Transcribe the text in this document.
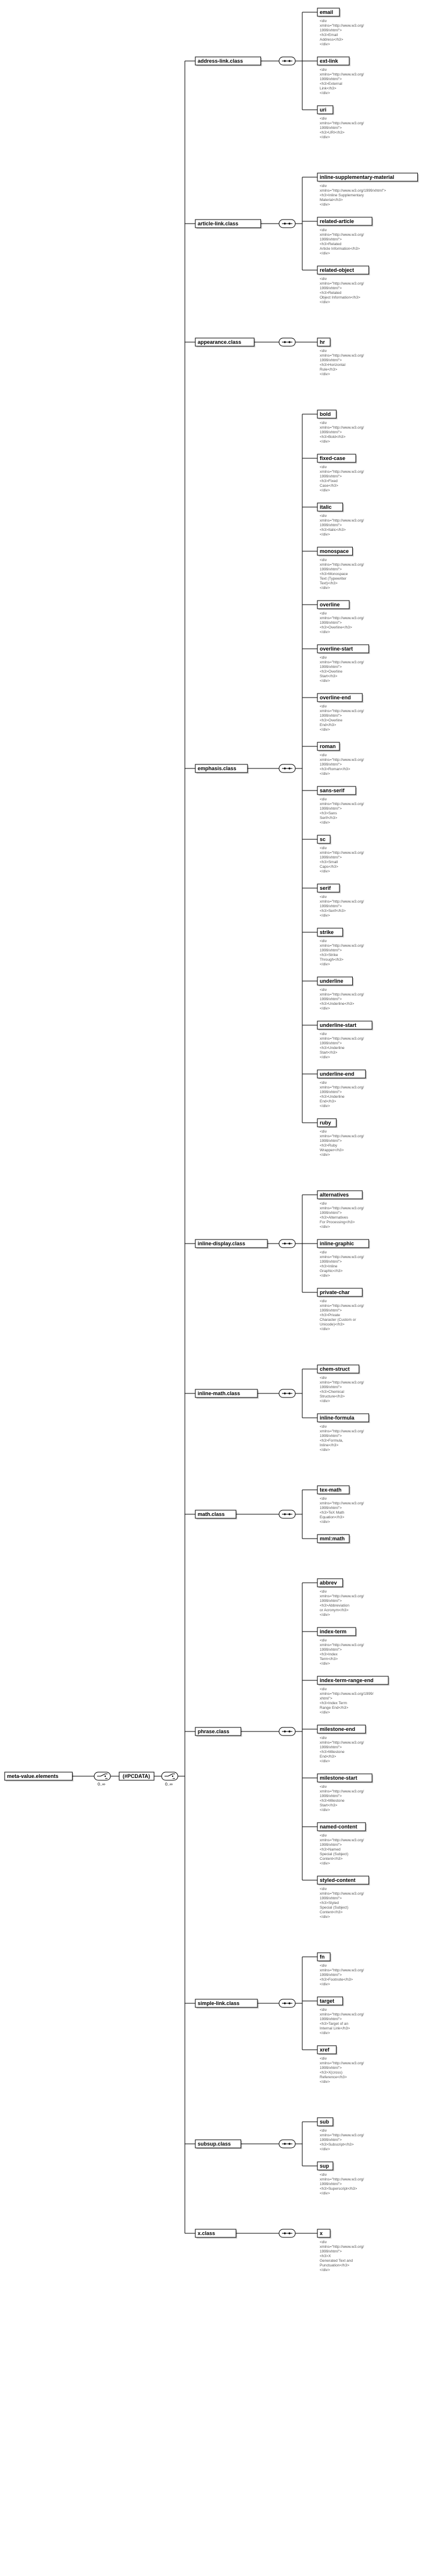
email
<div
xmlns="http://www.w3.org/
1999/xhtml">
<h3>Email
Address</h3>
</div>
ext-link
<div
xmlns="http://www.w3.org/
1999/xhtml">
<h3>External
Link</h3>
</div>
uri
<div
xmlns="http://www.w3.org/
1999/xhtml">
<h3>URI</h3>
</div>
address-link.class
inline-supplementary-material
<div
xmlns="http://www.w3.org/1999/xhtml">
<h3>Inline Supplementary
Material</h3>
</div>
related-article
<div
xmlns="http://www.w3.org/
1999/xhtml">
<h3>Related
Article Information</h3>
</div>
related-object
<div
xmlns="http://www.w3.org/
1999/xhtml">
<h3>Related
Object Information</h3>
</div>
article-link.class
hr
<div
xmlns="http://www.w3.org/
1999/xhtml">
<h3>Horizontal
Rule</h3>
</div>
appearance.class
bold
<div
xmlns="http://www.w3.org/
1999/xhtml">
<h3>Bold</h3>
</div>
fixed-case
<div
xmlns="http://www.w3.org/
1999/xhtml">
<h3>Fixed
Case</h3>
</div>
italic
<div
xmlns="http://www.w3.org/
1999/xhtml">
<h3>Italic</h3>
</div>
monospace
<div
xmlns="http://www.w3.org/
1999/xhtml">
<h3>Monospace
Text (Typewriter
Text)</h3>
</div>
overline
<div
xmlns="http://www.w3.org/
1999/xhtml">
<h3>Overline</h3>
</div>
overline-start
<div
xmlns="http://www.w3.org/
1999/xhtml">
<h3>Overline
Start</h3>
</div>
overline-end
<div
xmlns="http://www.w3.org/
1999/xhtml">
<h3>Overline
End</h3>
</div>
roman
<div
xmlns="http://www.w3.org/
1999/xhtml">
<h3>Roman</h3>
</div>
sans-serif
<div
xmlns="http://www.w3.org/
1999/xhtml">
<h3>Sans
Serif</h3>
</div>
sc
<div
xmlns="http://www.w3.org/
1999/xhtml">
<h3>Small
Caps</h3>
</div>
serif
<div
xmlns="http://www.w3.org/
1999/xhtml">
<h3>Serif</h3>
</div>
strike
<div
xmlns="http://www.w3.org/
1999/xhtml">
<h3>Strike
Through</h3>
</div>
underline
<div
xmlns="http://www.w3.org/
1999/xhtml">
<h3>Underline</h3>
</div>
underline-start
<div
xmlns="http://www.w3.org/
1999/xhtml">
<h3>Underline
Start</h3>
</div>
underline-end
<div
xmlns="http://www.w3.org/
1999/xhtml">
<h3>Underline
End</h3>
</div>
ruby
<div
xmlns="http://www.w3.org/
1999/xhtml">
<h3>Ruby
Wrapper</h3>
</div>
emphasis.class
alternatives
<div
xmlns="http://www.w3.org/
1999/xhtml">
<h3>Alternatives
For Processing</h3>
</div>
inline-graphic
<div
xmlns="http://www.w3.org/
1999/xhtml">
<h3>Inline
Graphic</h3>
</div>
private-char
<div
xmlns="http://www.w3.org/
1999/xhtml">
<h3>Private
Character (Custom or
Unicode)</h3>
</div>
inline-display.class
chem-struct
<div
xmlns="http://www.w3.org/
1999/xhtml">
<h3>Chemical
Structure</h3>
</div>
inline-formula
<div
xmlns="http://www.w3.org/
1999/xhtml">
<h3>Formula,
Inline</h3>
</div>
inline-math.class
tex-math
<div
xmlns="http://www.w3.org/
1999/xhtml">
<h3>TeX Math
Equation</h3>
</div>
mml:math
math.class
abbrev
<div
xmlns="http://www.w3.org/
1999/xhtml">
<h3>Abbreviation
or Acronym</h3>
</div>
index-term
<div
xmlns="http://www.w3.org/
1999/xhtml">
<h3>Index
Term</h3>
</div>
index-term-range-end
<div
xmlns="http://www.w3.org/1999/
xhtml">
<h3>Index Term
Range End</h3>
</div>
milestone-end
<div
xmlns="http://www.w3.org/
1999/xhtml">
<h3>Milestone
End</h3>
</div>
milestone-start
<div
xmlns="http://www.w3.org/
1999/xhtml">
<h3>Milestone
Start</h3>
</div>
named-content
<div
xmlns="http://www.w3.org/
1999/xhtml">
<h3>Named
Special (Subject)
Content</h3>
</div>
styled-content
<div
xmlns="http://www.w3.org/
1999/xhtml">
<h3>Styled
Special (Subject)
Content</h3>
</div>
phrase.class
fn
<div
xmlns="http://www.w3.org/
1999/xhtml">
<h3>Footnote</h3>
</div>
target
<div
xmlns="http://www.w3.org/
1999/xhtml">
<h3>Target of an
Internal Link</h3>
</div>
xref
<div
xmlns="http://www.w3.org/
1999/xhtml">
<h3>X(cross)
Reference</h3>
</div>
simple-link.class
sub
<div
xmlns="http://www.w3.org/
1999/xhtml">
<h3>Subscript</h3>
</div>
sup
<div
xmlns="http://www.w3.org/
1999/xhtml">
<h3>Superscript</h3>
</div>
subsup.class
x
<div
xmlns="http://www.w3.org/
1999/xhtml">
<h3>X
Generated Text and
Punctuation</h3>
</div>
x.class
meta-value.elements
0..∞
(#PCDATA)
0..∞
